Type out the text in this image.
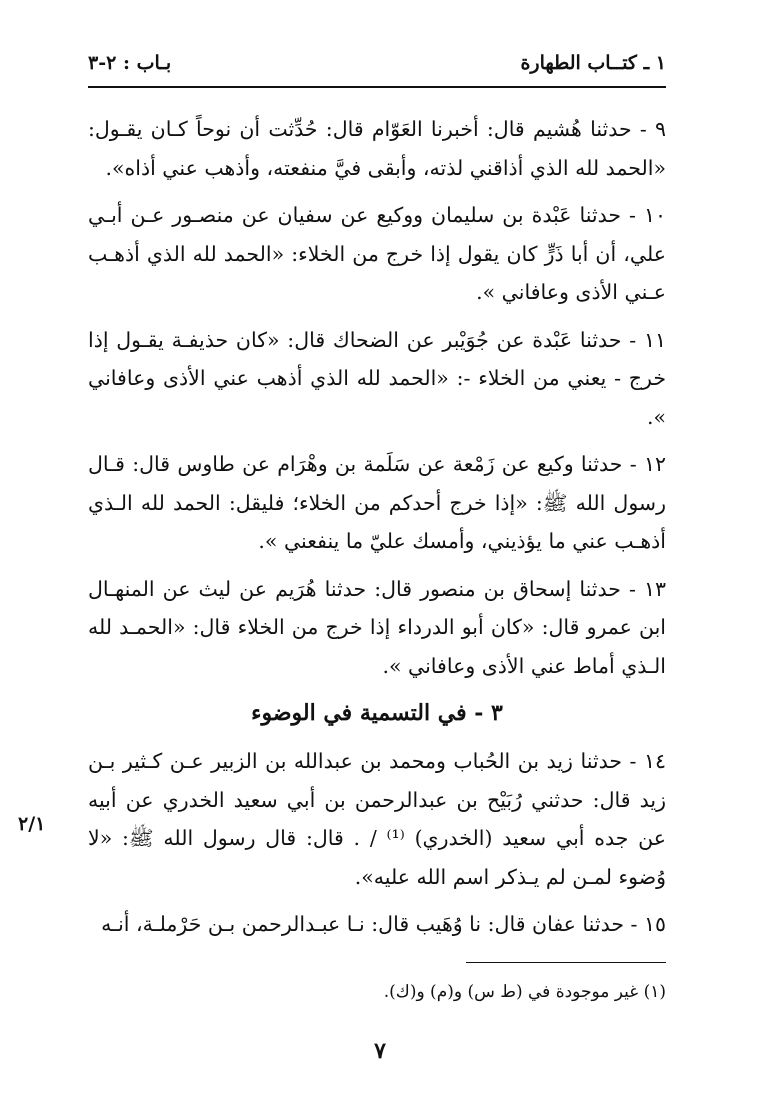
١ ـ كتــاب الطهارة
بـاب : ٢-٣

٩ - حدثنا هُشيم قال: أخبرنا العَوّام قال: حُدِّثت أن نوحاً كـان يقـول: «الحمد لله الذي أذاقني لذته، وأبقى فيَّ منفعته، وأذهب عني أذاه».

١٠ - حدثنا عَبْدة بن سليمان ووكيع عن سفيان عن منصـور عـن أبـي علي، أن أبا ذَرٍّ كان يقول إذا خرج من الخلاء: «الحمد لله الذي أذهـب عـني الأذى وعافاني ».

١١ - حدثنا عَبْدة عن جُوَيْبر عن الضحاك قال: «كان حذيفـة يقـول إذا خرج - يعني من الخلاء -: «الحمد لله الذي أذهب عني الأذى وعافاني ».

١٢ - حدثنا وكيع عن زَمْعة عن سَلَمة بن وهْرَام عن طاوس قال: قـال رسول الله ﷺ: «إذا خرج أحدكم من الخلاء؛ فليقل: الحمد لله الـذي أذهـب عني ما يؤذيني، وأمسك عليّ ما ينفعني ».

١٣ - حدثنا إسحاق بن منصور قال: حدثنا هُرَيم عن ليث عن المنهـال ابن عمرو قال: «كان أبو الدرداء إذا خرج من الخلاء قال: «الحمـد لله الـذي أماط عني الأذى وعافاني ».

٣ - في التسمية في الوضوء

١٤ - حدثنا زيد بن الحُباب ومحمد بن عبدالله بن الزبير عـن كـثير بـن زيد قال: حدثني رُبَيْح بن عبدالرحمن بن أبي سعيد الخدري عن أبيه عن جده أبي سعيد (الخدري) ⁽¹⁾ / . قال: قال رسول الله ﷺ: «لا وُضوء لمـن لم يـذكر اسم الله عليه».

١٥ - حدثنا عفان قال: نا وُهَيب قال: نـا عبـدالرحمن بـن حَرْملـة، أنـه

٢/١
(١) غير موجودة في (ط س) و(م) و(ك).
٧
